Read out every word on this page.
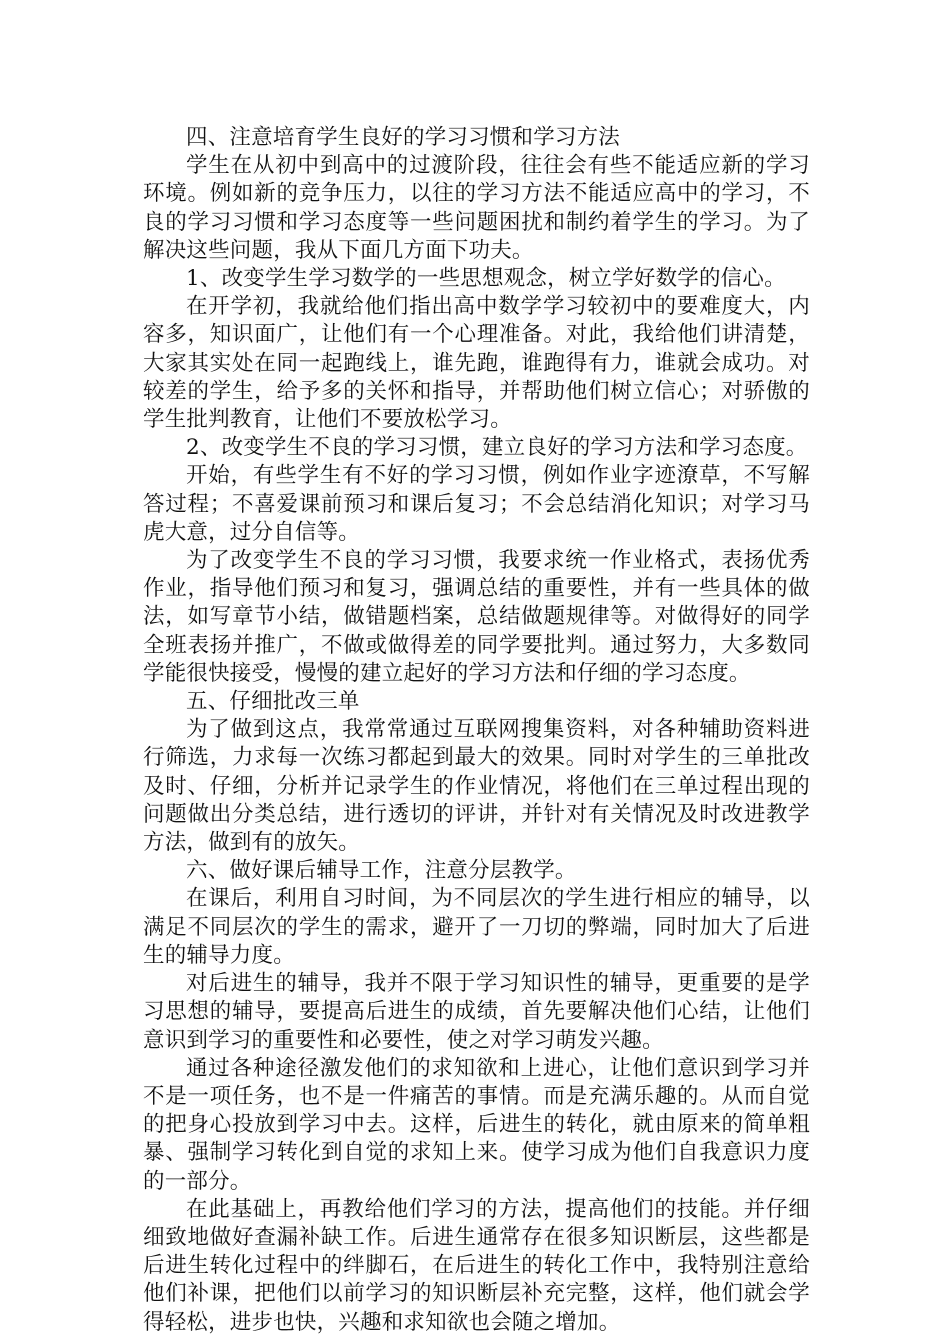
四、注意培育学生良好的学习习惯和学习方法

学生在从初中到高中的过渡阶段，往往会有些不能适应新的学习环境。例如新的竞争压力，以往的学习方法不能适应高中的学习，不良的学习习惯和学习态度等一些问题困扰和制约着学生的学习。为了解决这些问题，我从下面几方面下功夫。

1、改变学生学习数学的一些思想观念，树立学好数学的信心。

在开学初，我就给他们指出高中数学学习较初中的要难度大，内容多，知识面广，让他们有一个心理准备。对此，我给他们讲清楚，大家其实处在同一起跑线上，谁先跑，谁跑得有力，谁就会成功。对较差的学生，给予多的关怀和指导，并帮助他们树立信心；对骄傲的学生批判教育，让他们不要放松学习。

2、改变学生不良的学习习惯，建立良好的学习方法和学习态度。

开始，有些学生有不好的学习习惯，例如作业字迹潦草，不写解答过程；不喜爱课前预习和课后复习；不会总结消化知识；对学习马虎大意，过分自信等。

为了改变学生不良的学习习惯，我要求统一作业格式，表扬优秀作业，指导他们预习和复习，强调总结的重要性，并有一些具体的做法，如写章节小结，做错题档案，总结做题规律等。对做得好的同学全班表扬并推广，不做或做得差的同学要批判。通过努力，大多数同学能很快接受，慢慢的建立起好的学习方法和仔细的学习态度。

五、仔细批改三单

为了做到这点，我常常通过互联网搜集资料，对各种辅助资料进行筛选，力求每一次练习都起到最大的效果。同时对学生的三单批改及时、仔细，分析并记录学生的作业情况，将他们在三单过程出现的问题做出分类总结，进行透切的评讲，并针对有关情况及时改进教学方法，做到有的放矢。

六、做好课后辅导工作，注意分层教学。

在课后，利用自习时间，为不同层次的学生进行相应的辅导，以满足不同层次的学生的需求，避开了一刀切的弊端，同时加大了后进生的辅导力度。

对后进生的辅导，我并不限于学习知识性的辅导，更重要的是学习思想的辅导，要提高后进生的成绩，首先要解决他们心结，让他们意识到学习的重要性和必要性，使之对学习萌发兴趣。

通过各种途径激发他们的求知欲和上进心，让他们意识到学习并不是一项任务，也不是一件痛苦的事情。而是充满乐趣的。从而自觉的把身心投放到学习中去。这样，后进生的转化，就由原来的简单粗暴、强制学习转化到自觉的求知上来。使学习成为他们自我意识力度的一部分。

在此基础上，再教给他们学习的方法，提高他们的技能。并仔细细致地做好查漏补缺工作。后进生通常存在很多知识断层，这些都是后进生转化过程中的绊脚石，在后进生的转化工作中，我特别注意给他们补课，把他们以前学习的知识断层补充完整，这样，他们就会学得轻松，进步也快，兴趣和求知欲也会随之增加。
